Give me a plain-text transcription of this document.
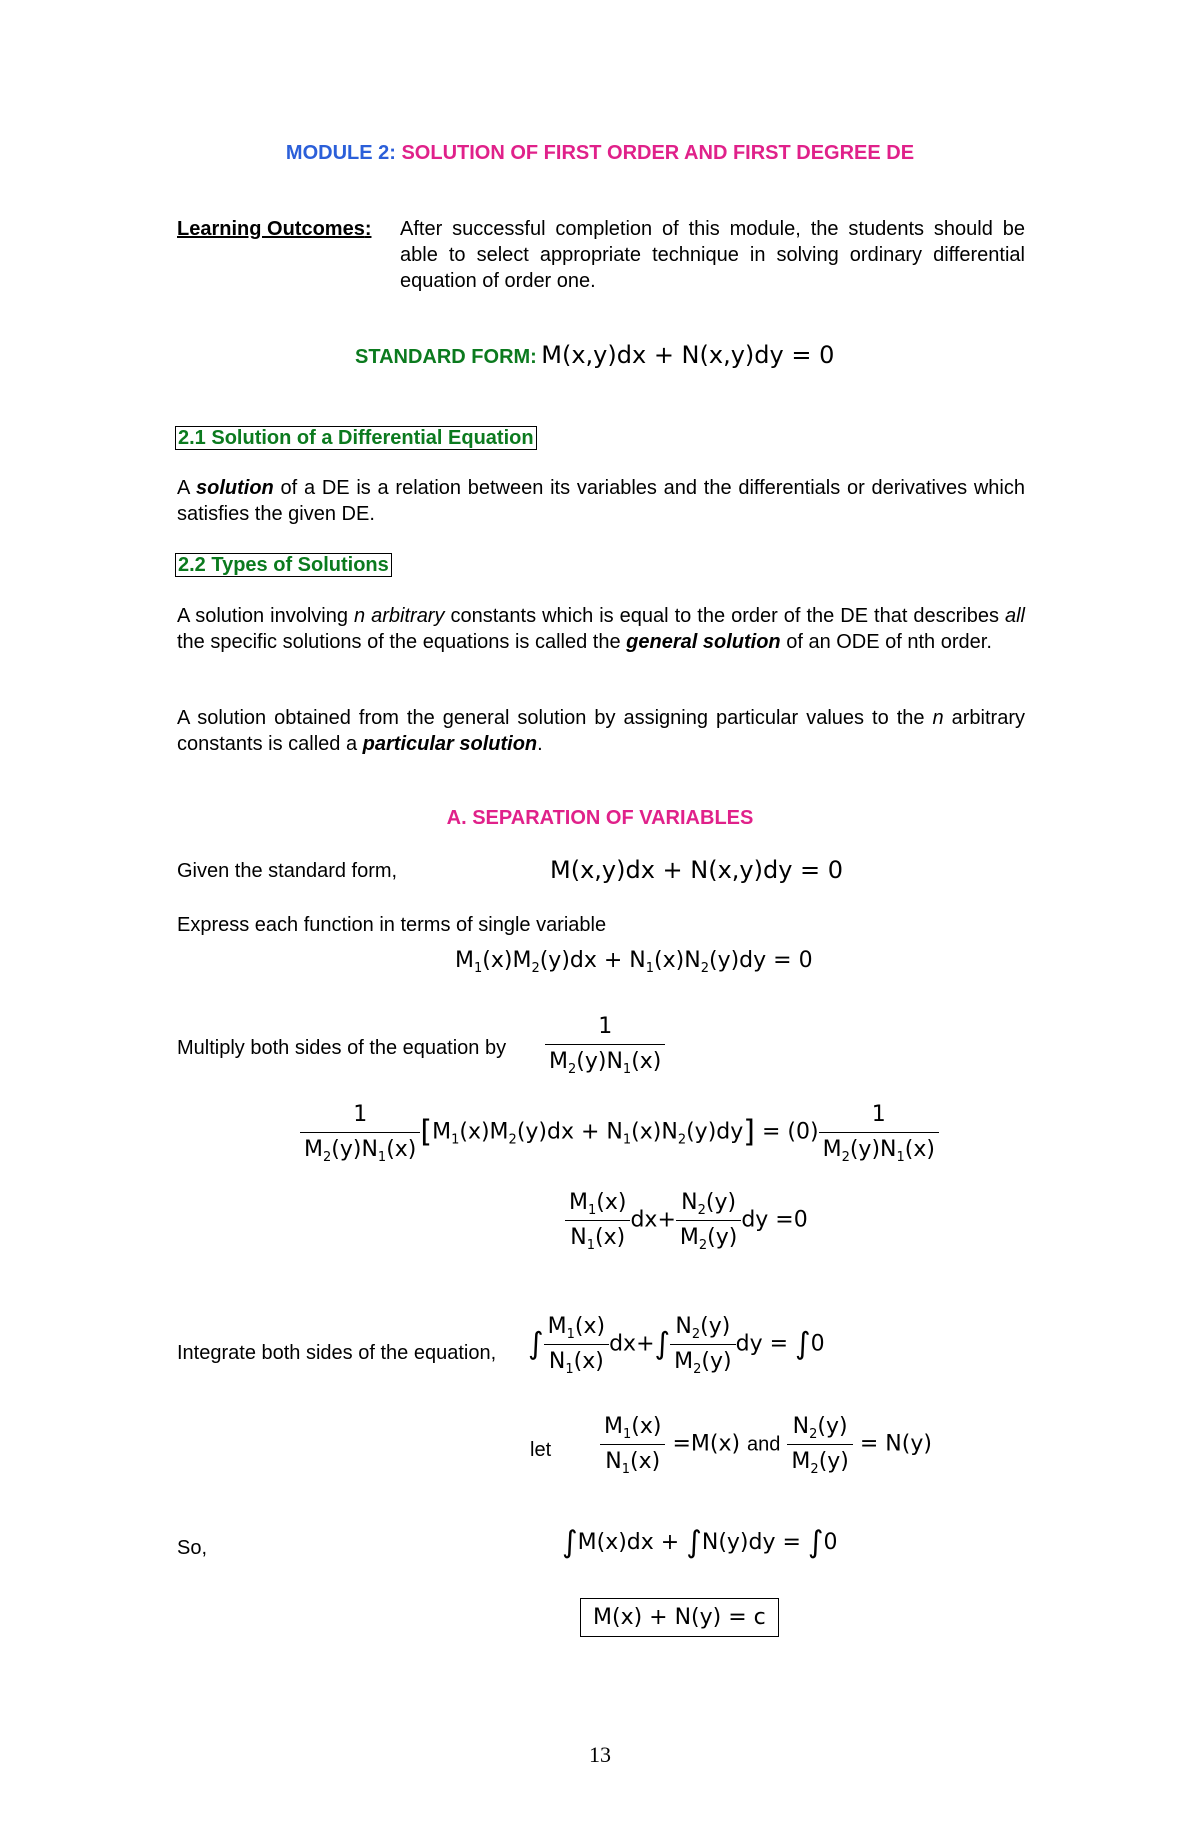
MODULE 2: SOLUTION OF FIRST ORDER AND FIRST DEGREE DE
Learning Outcomes: After successful completion of this module, the students should be able to select appropriate technique in solving ordinary differential equation of order one.
STANDARD FORM: M(x,y)dx + N(x,y)dy = 0
2.1 Solution of a Differential Equation
A solution of a DE is a relation between its variables and the differentials or derivatives which satisfies the given DE.
2.2 Types of Solutions
A solution involving n arbitrary constants which is equal to the order of the DE that describes all the specific solutions of the equations is called the general solution of an ODE of nth order.
A solution obtained from the general solution by assigning particular values to the n arbitrary constants is called a particular solution.
A. SEPARATION OF VARIABLES
Given the standard form,	M(x,y)dx + N(x,y)dy = 0
Express each function in terms of single variable
$M_1(x)M_2(y)dx + N_1(x)N_2(y)dy = 0$
Multiply both sides of the equation by $\frac{1}{M_2(y)N_1(x)}$
$\frac{1}{M_2(y)N_1(x)} [M_1(x)M_2(y)dx + N_1(x)N_2(y)dy] = (0) \frac{1}{M_2(y)N_1(x)}$
$\frac{M_1(x)}{N_1(x)} dx+ \frac{N_2(y)}{M_2(y)}$ dy =0
Integrate both sides of the equation, ∫ $\frac{M_1(x)}{N_1(x)} dx+\int \frac{N_2(y)}{M_2(y)}$ dy = ∫0
let $\frac{M_1(x)}{N_1(x)} =M(x)$ and $\frac{N_2(y)}{M_2(y)} = N(y)$
So,	∫M(x)dx + ∫N(y)dy = ∫0
M(x) + N(y) = c
13
